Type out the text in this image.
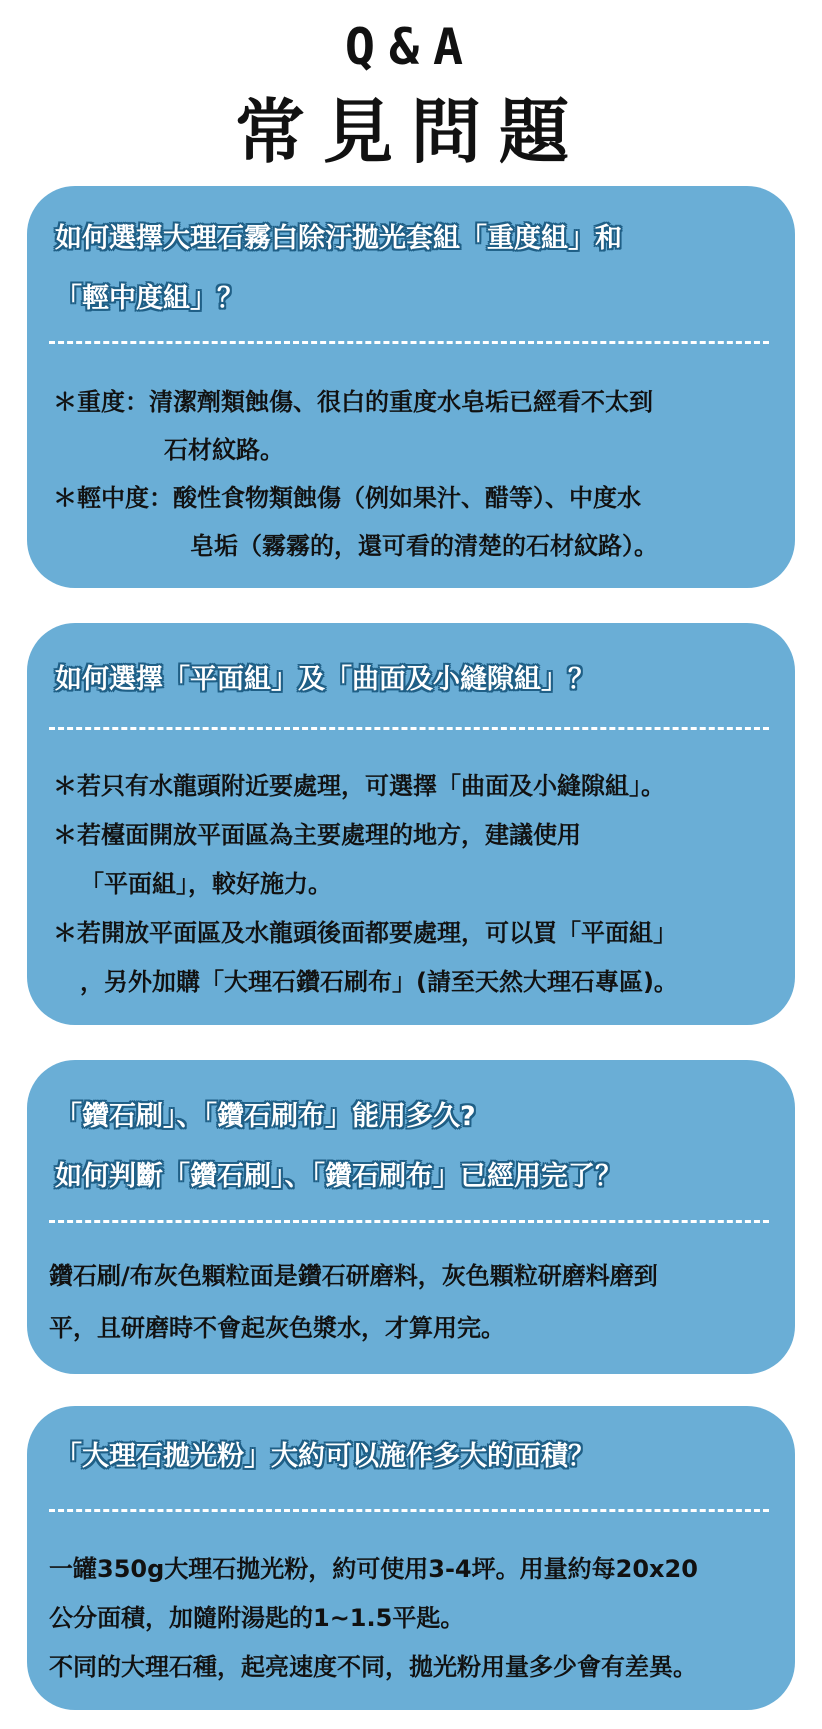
Q&A
常見問題
如何選擇大理石霧白除汙拋光套組「重度組」和
「輕中度組」？
＊重度：清潔劑類蝕傷、很白的重度水皂垢已經看不太到
石材紋路。
＊輕中度：酸性食物類蝕傷（例如果汁、醋等）、中度水
皂垢（霧霧的，還可看的清楚的石材紋路）。
如何選擇「平面組」及「曲面及小縫隙組」？
＊若只有水龍頭附近要處理，可選擇「曲面及小縫隙組」。
＊若檯面開放平面區為主要處理的地方，建議使用
「平面組」，較好施力。
＊若開放平面區及水龍頭後面都要處理，可以買「平面組」
，另外加購「大理石鑽石刷布」(請至天然大理石專區)。
「鑽石刷」、「鑽石刷布」能用多久?
如何判斷「鑽石刷」、「鑽石刷布」已經用完了？
鑽石刷/布灰色顆粒面是鑽石研磨料，灰色顆粒研磨料磨到
平，且研磨時不會起灰色漿水，才算用完。
「大理石拋光粉」大約可以施作多大的面積？
一罐350g大理石拋光粉，約可使用3-4坪。用量約每20x20
公分面積，加隨附湯匙的1~1.5平匙。
不同的大理石種，起亮速度不同，拋光粉用量多少會有差異。
